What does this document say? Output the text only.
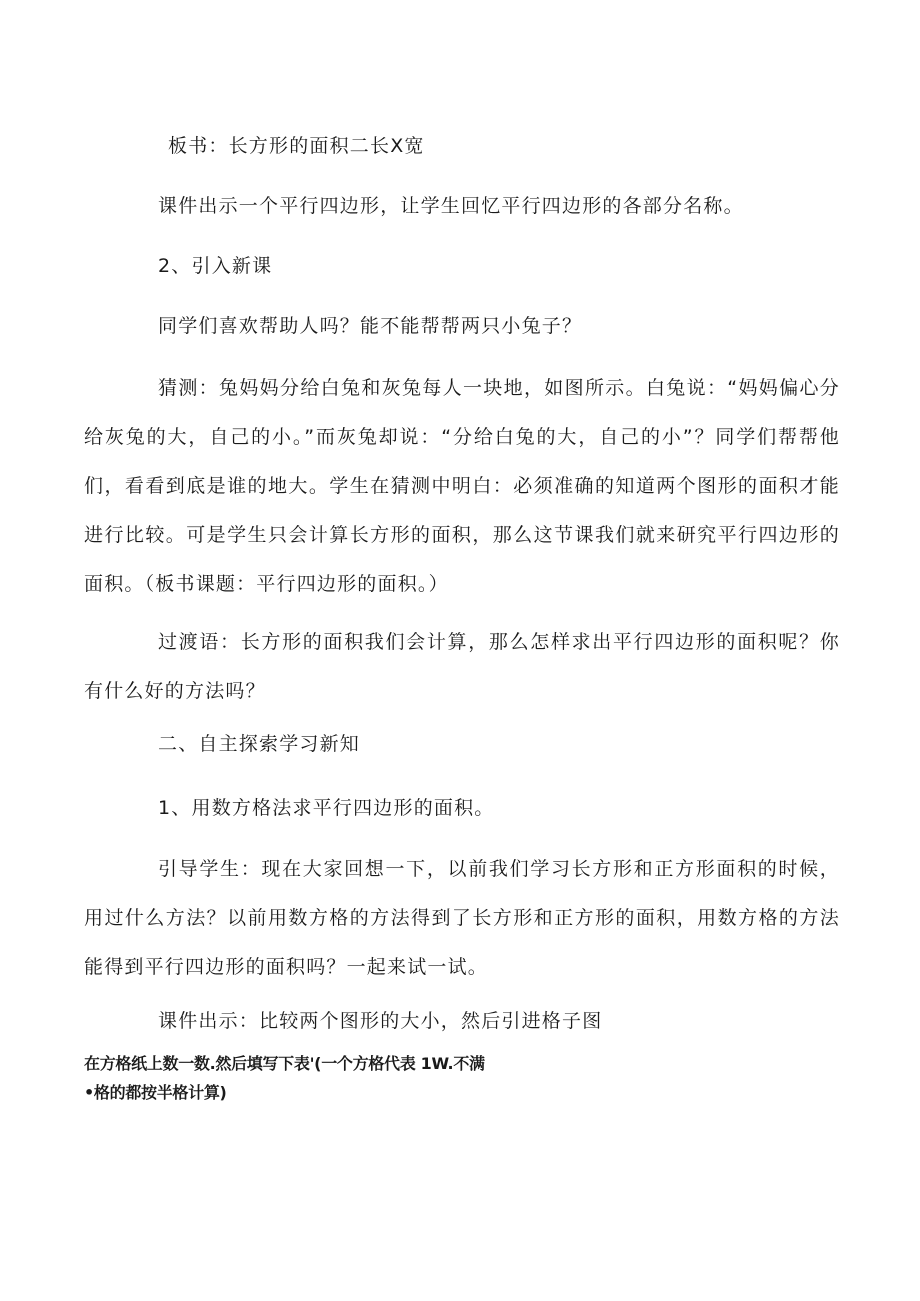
板书：长方形的面积二长X宽
课件出示一个平行四边形，让学生回忆平行四边形的各部分名称。
2、引入新课
同学们喜欢帮助人吗？能不能帮帮两只小兔子？
猜测：兔妈妈分给白兔和灰兔每人一块地，如图所示。白兔说：“妈妈偏心分给灰兔的大，自己的小。”而灰兔却说：“分给白兔的大，自己的小”？同学们帮帮他们，看看到底是谁的地大。学生在猜测中明白：必须准确的知道两个图形的面积才能进行比较。可是学生只会计算长方形的面积，那么这节课我们就来研究平行四边形的面积。（板书课题：平行四边形的面积。）
过渡语：长方形的面积我们会计算，那么怎样求出平行四边形的面积呢？你有什么好的方法吗？
二、自主探索学习新知
1、用数方格法求平行四边形的面积。
引导学生：现在大家回想一下，以前我们学习长方形和正方形面积的时候，用过什么方法？以前用数方格的方法得到了长方形和正方形的面积，用数方格的方法能得到平行四边形的面积吗？一起来试一试。
课件出示：比较两个图形的大小，然后引进格子图
在方格纸上数一数.然后填写下表'(一个方格代表 1W.不满
•格的都按半格计算)
